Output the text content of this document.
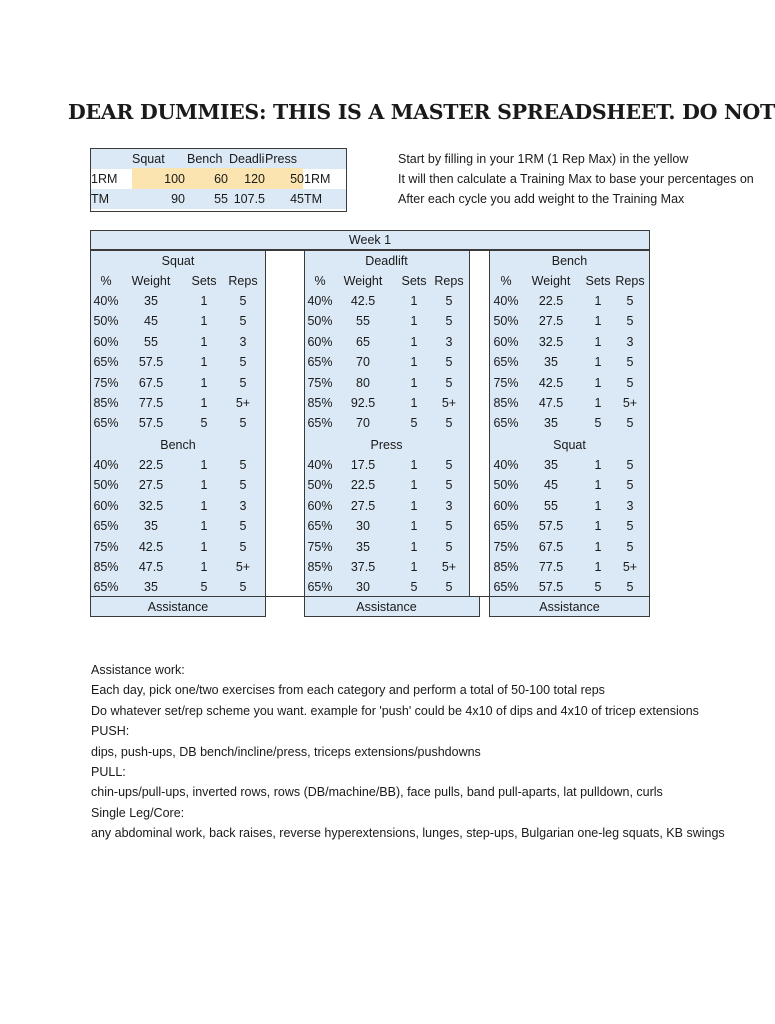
DEAR DUMMIES: THIS IS A MASTER SPREADSHEET. DO NOT
Squat Bench Deadli Press
1RM	100	60	120	50 1RM
TM	90	55 107.5	45 TM
Start by filling in your 1RM (1 Rep Max) in the yellow
It will then calculate a Training Max to base your percentages on
After each cycle you add weight to the Training Max
Week 1
Squat
%	Weight Sets Reps
40%	35	1	5
50%	45	1	5
60%	55	1	3
65%	57.5	1	5
75%	67.5	1	5
85%	77.5	1	5+
65%	57.5	5	5
Bench
40%	22.5	1	5
50%	27.5	1	5
60%	32.5	1	3
65%	35	1	5
75%	42.5	1	5
85%	47.5	1	5+
65%	35	5	5
Assistance
Deadlift
%	Weight Sets Reps
40%	42.5	1	5
50%	55	1	5
60%	65	1	3
65%	70	1	5
75%	80	1	5
85%	92.5	1	5+
65%	70	5	5
Press
40%	17.5	1	5
50%	22.5	1	5
60%	27.5	1	3
65%	30	1	5
75%	35	1	5
85%	37.5	1	5+
65%	30	5	5
Assistance
Bench
%	Weight Sets Reps
40%	22.5	1	5
50%	27.5	1	5
60%	32.5	1	3
65%	35	1	5
75%	42.5	1	5
85%	47.5	1	5+
65%	35	5	5
Squat
40%	35	1	5
50%	45	1	5
60%	55	1	3
65%	57.5	1	5
75%	67.5	1	5
85%	77.5	1	5+
65%	57.5	5	5
Assistance
Assistance work:
Each day, pick one/two exercises from each category and perform a total of 50-100 total reps
Do whatever set/rep scheme you want. example for 'push' could be 4x10 of dips and 4x10 of tricep extensions
PUSH:
dips, push-ups, DB bench/incline/press, triceps extensions/pushdowns
PULL:
chin-ups/pull-ups, inverted rows, rows (DB/machine/BB), face pulls, band pull-aparts, lat pulldown, curls
Single Leg/Core:
any abdominal work, back raises, reverse hyperextensions, lunges, step-ups, Bulgarian one-leg squats, KB swings
